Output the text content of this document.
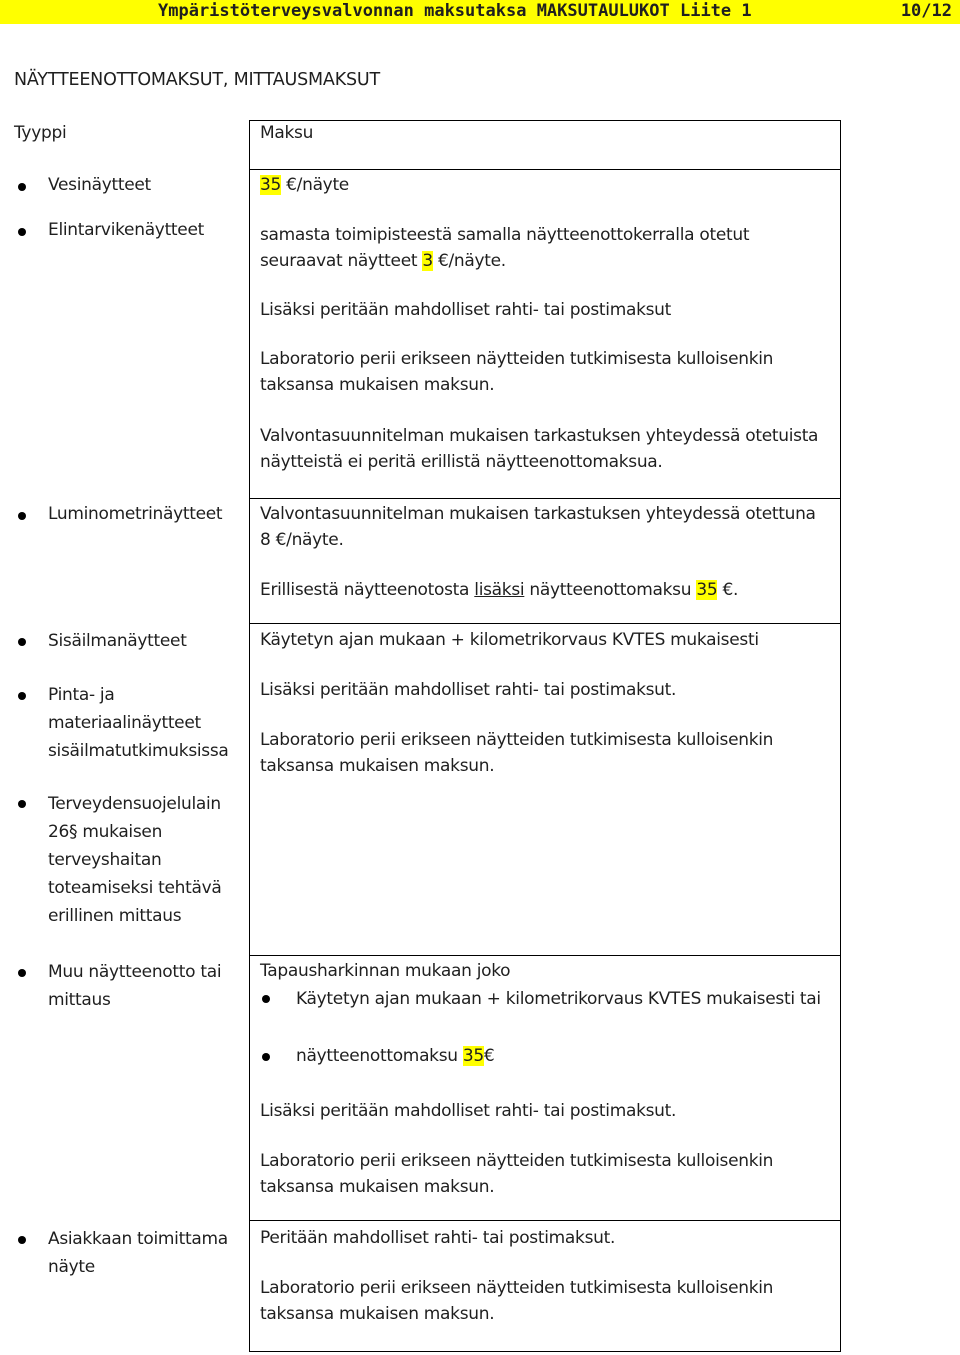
Ympäristöterveysvalvonnan maksutaksa MAKSUTAULUKOT Liite 1	10/12
NÄYTTEENOTTOMAKSUT, MITTAUSMAKSUT
Tyyppi	Maksu
Vesinäytteet
Elintarvikenäytteet
35 €/näyte
samasta toimipisteestä samalla näytteenottokerralla otetut seuraavat näytteet 3 €/näyte.
Lisäksi peritään mahdolliset rahti- tai postimaksut
Laboratorio perii erikseen näytteiden tutkimisesta kulloisenkin taksansa mukaisen maksun.
Valvontasuunnitelman mukaisen tarkastuksen yhteydessä otetuista näytteistä ei peritä erillistä näytteenottomaksua.
Luminometrinäytteet Valvontasuunnitelman mukaisen tarkastuksen yhteydessä otettuna 8 €/näyte.
Erillisestä näytteenotosta lisäksi näytteenottomaksu 35 €.
Sisäilmanäytteet
Pinta- ja materiaalinäytteet sisäilmatutkimuksissa
Terveydensuojelulain 26§ mukaisen terveyshaitan toteamiseksi tehtävä erillinen mittaus
Käytetyn ajan mukaan + kilometrikorvaus KVTES mukaisesti
Lisäksi peritään mahdolliset rahti- tai postimaksut.
Laboratorio perii erikseen näytteiden tutkimisesta kulloisenkin taksansa mukaisen maksun.
Muu näytteenotto tai mittaus
Tapausharkinnan mukaan joko
Käytetyn ajan mukaan + kilometrikorvaus KVTES mukaisesti tai
näytteenottomaksu 35€
Lisäksi peritään mahdolliset rahti- tai postimaksut.
Laboratorio perii erikseen näytteiden tutkimisesta kulloisenkin taksansa mukaisen maksun.
Asiakkaan toimittama näyte
Peritään mahdolliset rahti- tai postimaksut.
Laboratorio perii erikseen näytteiden tutkimisesta kulloisenkin taksansa mukaisen maksun.
